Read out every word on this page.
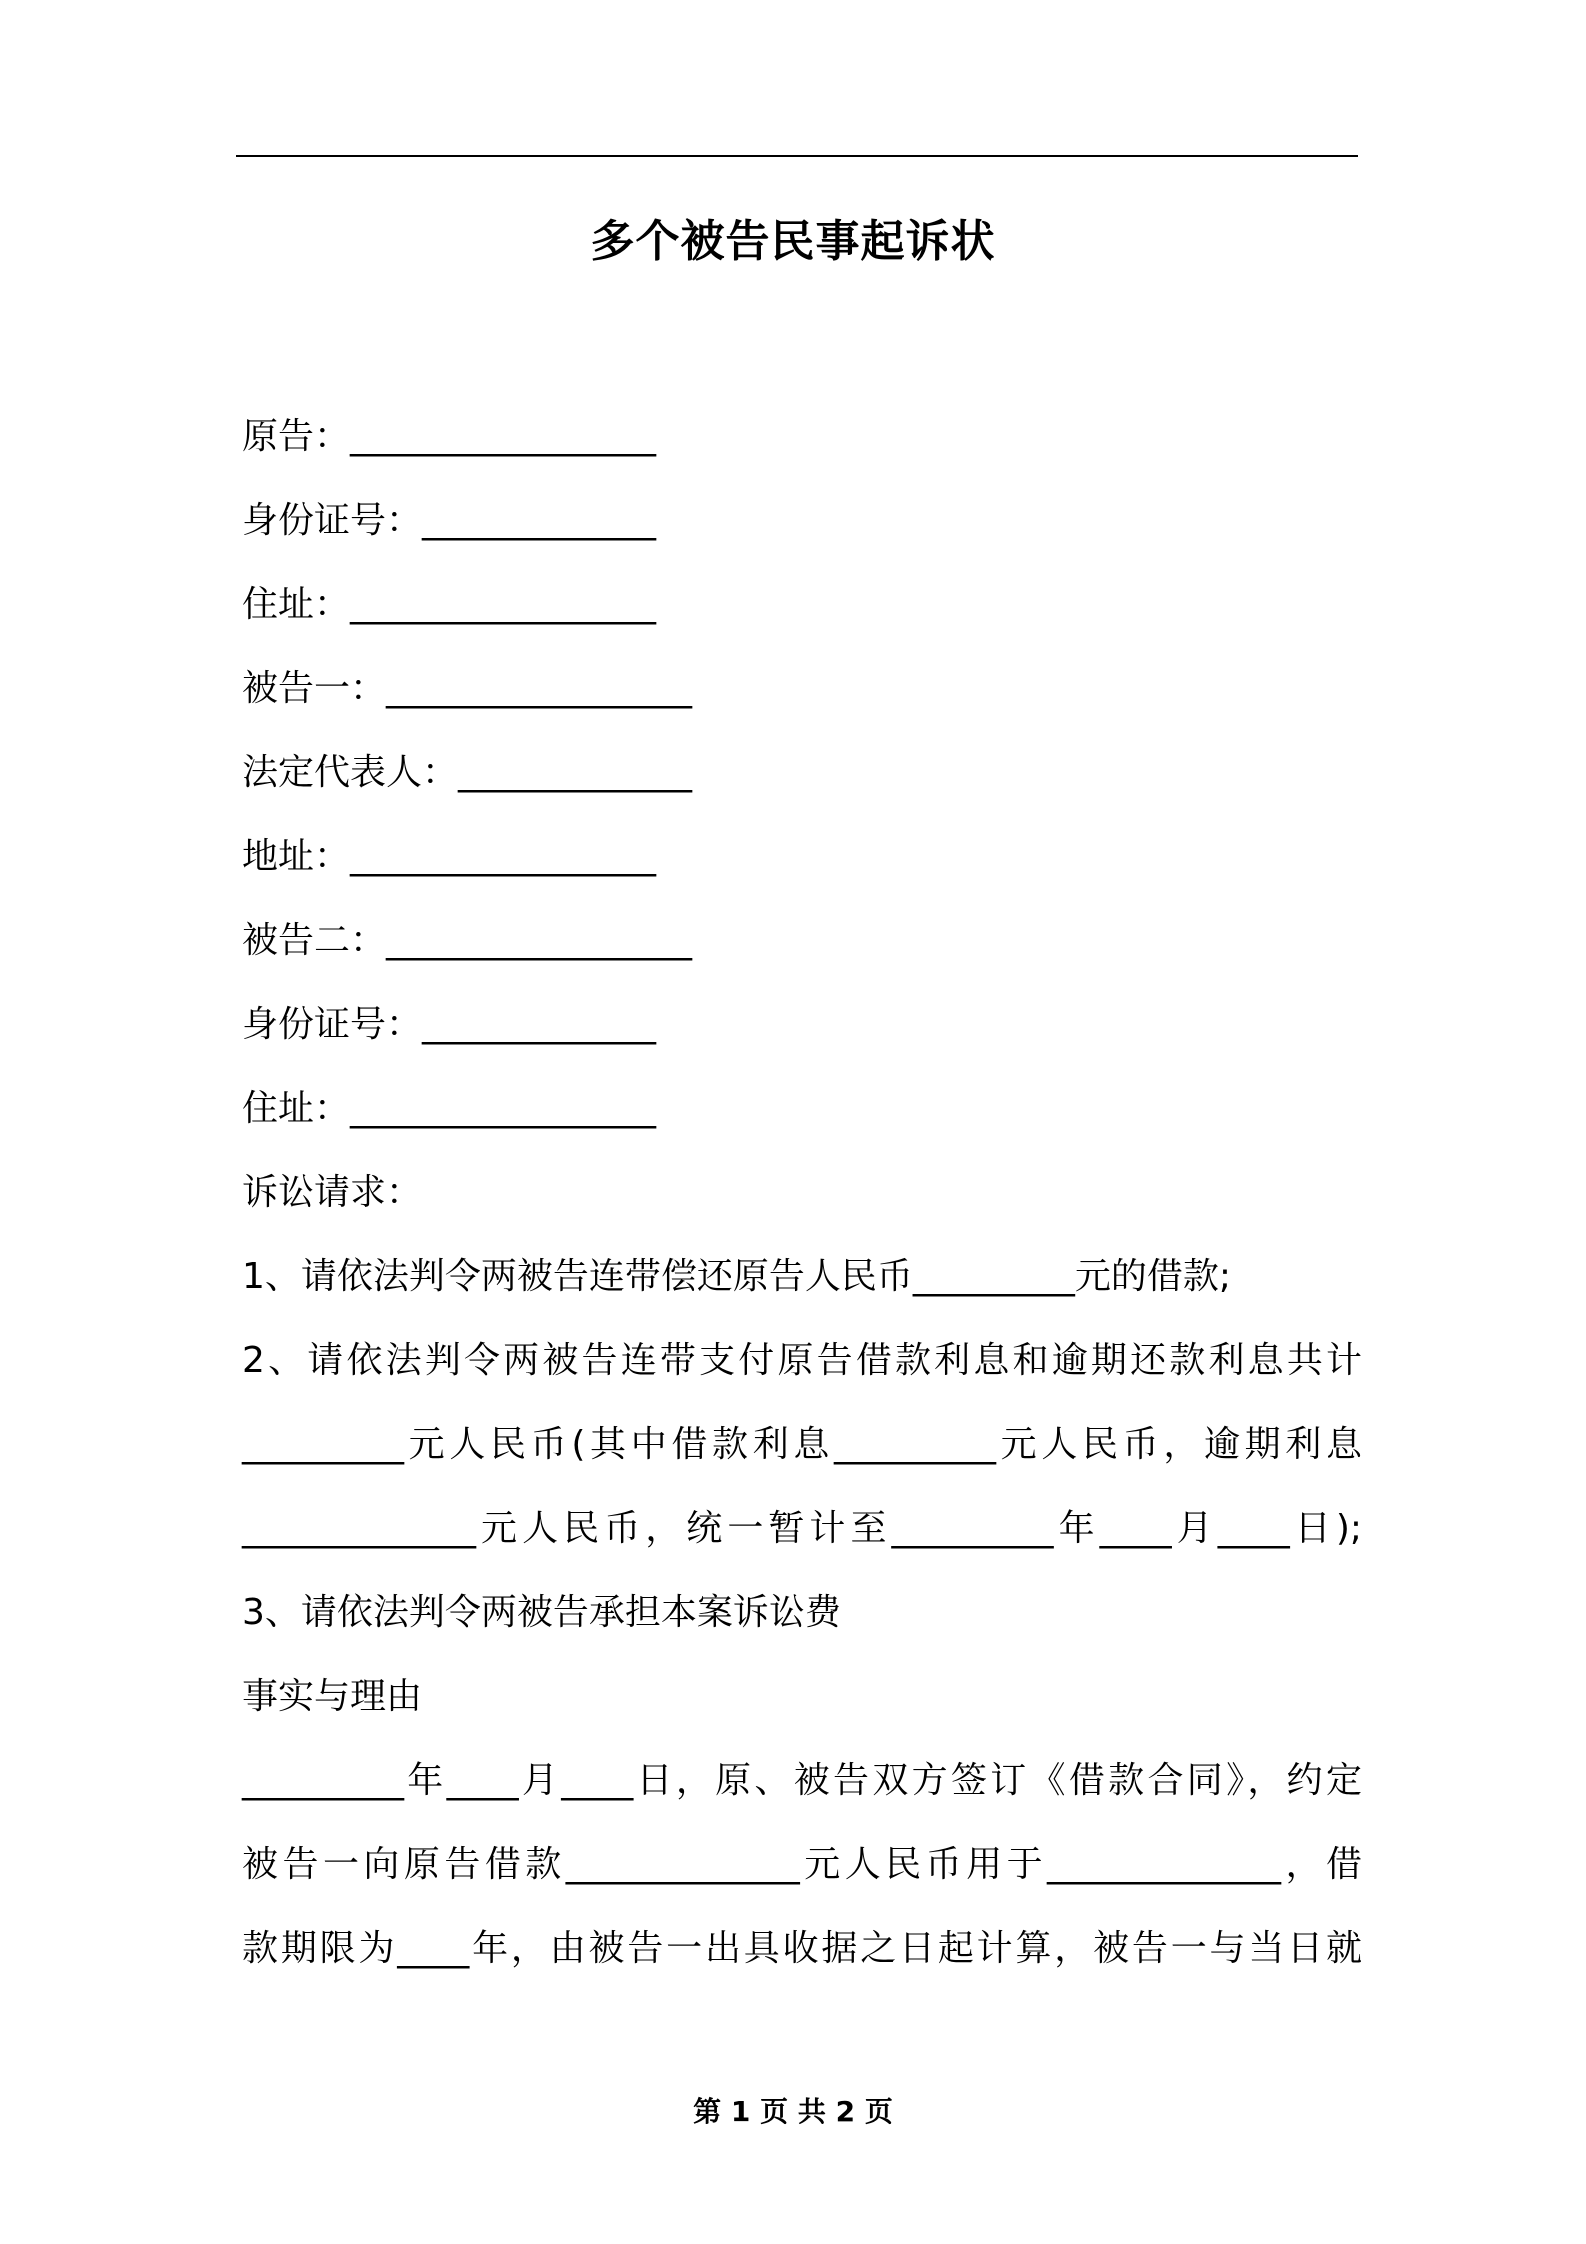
多个被告民事起诉状
原告：_________________
身份证号：_____________
住址：_________________
被告一：_________________
法定代表人：_____________
地址：_________________
被告二：_________________
身份证号：_____________
住址：_________________
诉讼请求：
1、请依法判令两被告连带偿还原告人民币_________元的借款;
2、请依法判令两被告连带支付原告借款利息和逾期还款利息共计
_________元人民币(其中借款利息_________元人民币，逾期利息
_____________元人民币，统一暂计至_________年____月____日);
3、请依法判令两被告承担本案诉讼费
事实与理由
_________年____月____日，原、被告双方签订《借款合同》，约定
被告一向原告借款_____________元人民币用于_____________，借
款期限为____年，由被告一出具收据之日起计算，被告一与当日就
第 1 页 共 2 页
